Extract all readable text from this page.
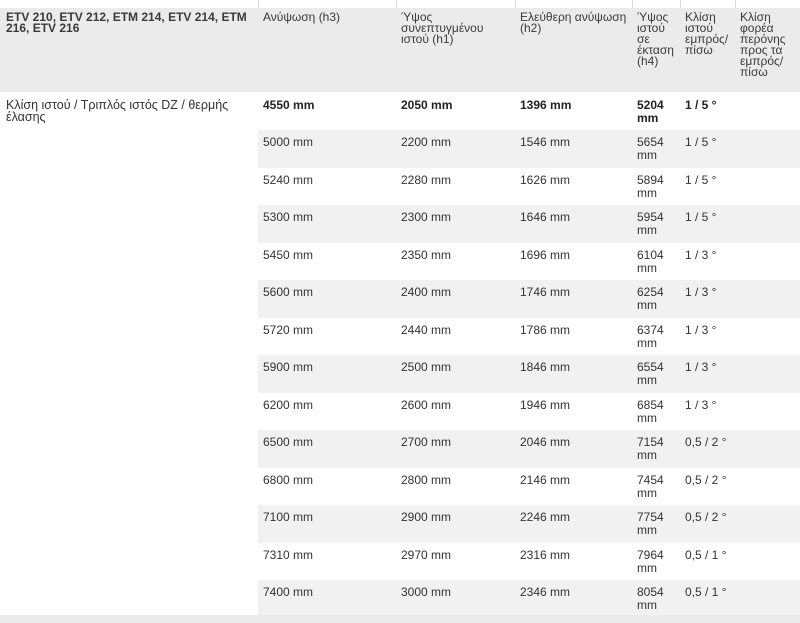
ETV 210, ETV 212, ETM 214, ETV 214, ETM 216, ETV 216	Ανύψωση (h3)	Ύψος συνεπτυγμένου ιστού (h1)	Ελεύθερη ανύψωση (h2)	Ύψος ιστού σε έκταση (h4)	Κλίση ιστού εμπρός/ πίσω	Κλίση φορέα περόνης προς τα εμπρός/ πίσω
Κλίση ιστού / Τριπλός ιστός DZ / θερμής έλασης	4550 mm	2050 mm	1396 mm	5204 mm	1 / 5 °	
	5000 mm	2200 mm	1546 mm	5654 mm	1 / 5 °	
	5240 mm	2280 mm	1626 mm	5894 mm	1 / 5 °	
	5300 mm	2300 mm	1646 mm	5954 mm	1 / 5 °	
	5450 mm	2350 mm	1696 mm	6104 mm	1 / 3 °	
	5600 mm	2400 mm	1746 mm	6254 mm	1 / 3 °	
	5720 mm	2440 mm	1786 mm	6374 mm	1 / 3 °	
	5900 mm	2500 mm	1846 mm	6554 mm	1 / 3 °	
	6200 mm	2600 mm	1946 mm	6854 mm	1 / 3 °	
	6500 mm	2700 mm	2046 mm	7154 mm	0,5 / 2 °	
	6800 mm	2800 mm	2146 mm	7454 mm	0,5 / 2 °	
	7100 mm	2900 mm	2246 mm	7754 mm	0,5 / 2 °	
	7310 mm	2970 mm	2316 mm	7964 mm	0,5 / 1 °	
	7400 mm	3000 mm	2346 mm	8054 mm	0,5 / 1 °	
